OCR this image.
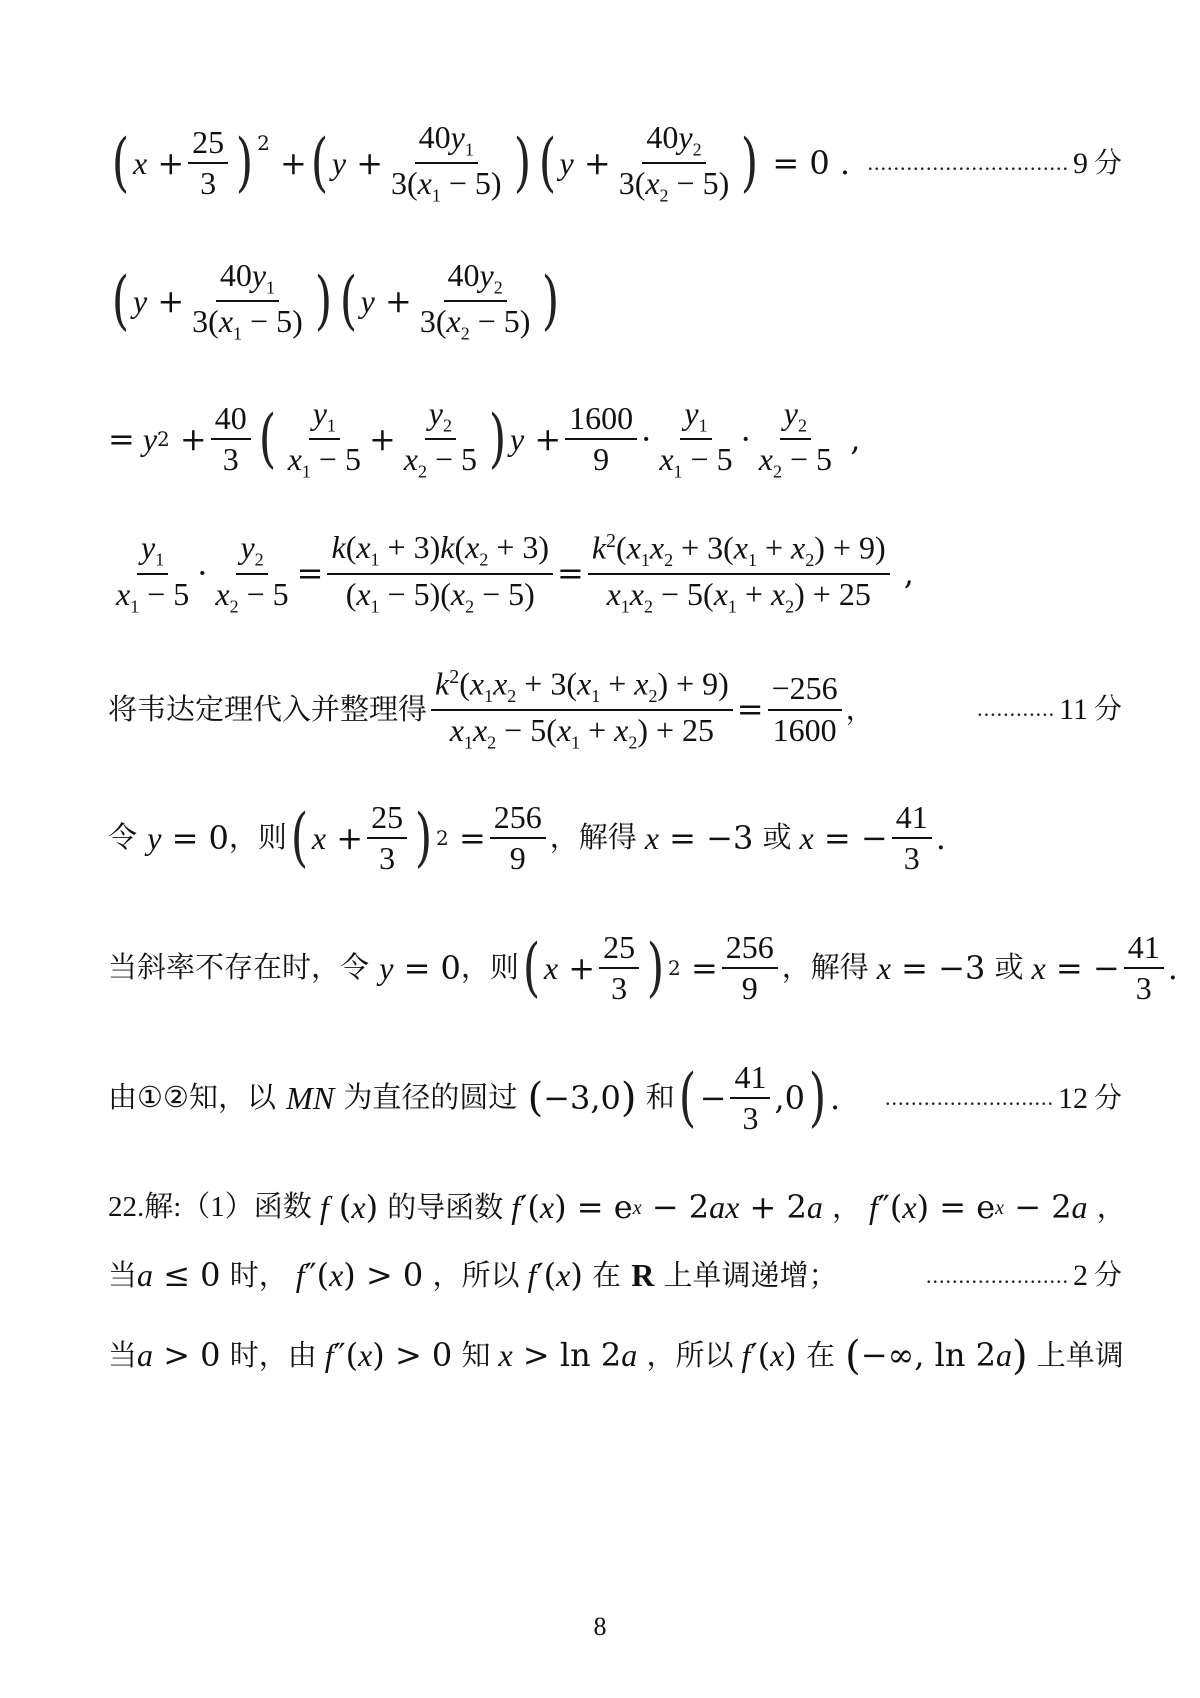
( $x + \frac{25}{3}$ ) 2
+ ( $y + \frac{40y_1}{3(x_1 - 5)}$ ) ( $y + \frac{40y_2}{3(x_2 - 5)}$ ) = 0 . ............................... 9 分
( $y + \frac{40y_1}{3(x_1 - 5)}$ ) ( $y + \frac{40y_2}{3(x_2 - 5)}$ )
= y $2 + \frac{40}{3}$ ( $\frac{y_1}{x_1 - 5} + \frac{y_2}{x_2 - 5}$ ) $y + \frac{1600}{9} \cdot \frac{y_1}{x_1 - 5} \cdot \frac{y_2}{x_2 - 5}$ ,
$\frac{y_1}{x_1 - 5} \cdot \frac{y_2}{x_2 - 5} = \frac{k(x_1 + 3)k(x_2 + 3)}{(x_1 - 5)(x_2 - 5)} = \frac{k^2(x_1x_2 + 3(x_1 + x_2) + 9)}{x_1x_2 - 5(x_1 + x_2) + 25}$ ,
将韦达定理代入并整理得 $\frac{k^2(x_1x_2 + 3(x_1 + x_2) + 9)}{x_1x_2 - 5(x_1 + x_2) + 25} = \frac{-256}{1600}$ ，	............ 11 分
令
y = 0 ，则 ( $x + \frac{25}{3}$ ) $2 = \frac{256}{9}$ ，解得 x = −3 或 x = − $\frac{41}{3}$ .
当斜率不存在时，令
y = 0 ，则 ( $x + \frac{25}{3}$ ) $2 = \frac{256}{9}$ ，解得 x = −3 或 x = − $\frac{41}{3}$ .
由①②知，以
MN 为直径的圆过
( −3,0 ) 和 ( − $\frac{41}{3} ,0$ ) . .......................... 12 分
22.解:（1）函数 f ( x ) 的导函数 f ′( x ) = e x − 2 ax + 2 a ， f ″( x ) = e x − 2 a ，
当 a ≤ 0 时， f ″( x ) > 0 ，所以 f ′( x ) 在
R 上单调递增；	...................... 2 分
当 a > 0 时，由 f ″( x ) > 0 知 x > ln 2 a ，所以 f ′( x ) 在
( −∞, ln 2 a ) 上单调
8
